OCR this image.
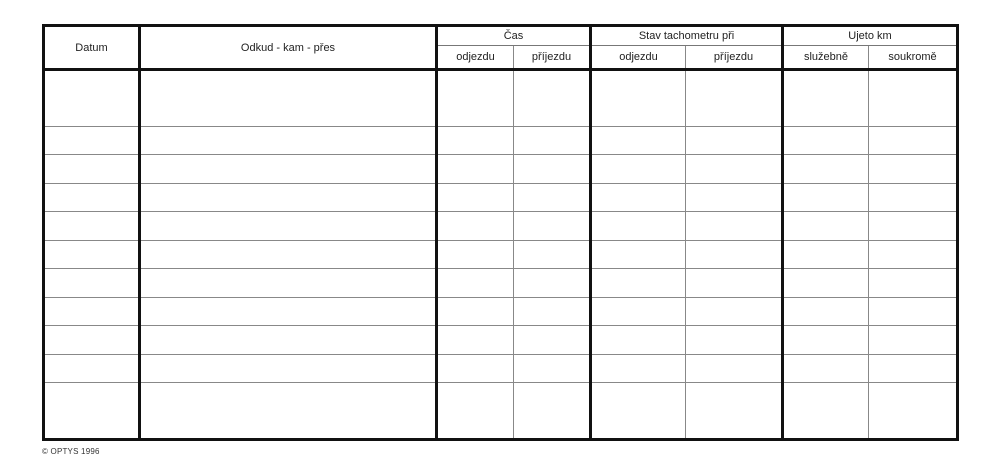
Datum	Odkud - kam - přes	Čas		Stav tachometru při		Ujeto km	
		odjezdu	příjezdu	odjezdu	příjezdu	služebně	soukromě

© OPTYS 1996
